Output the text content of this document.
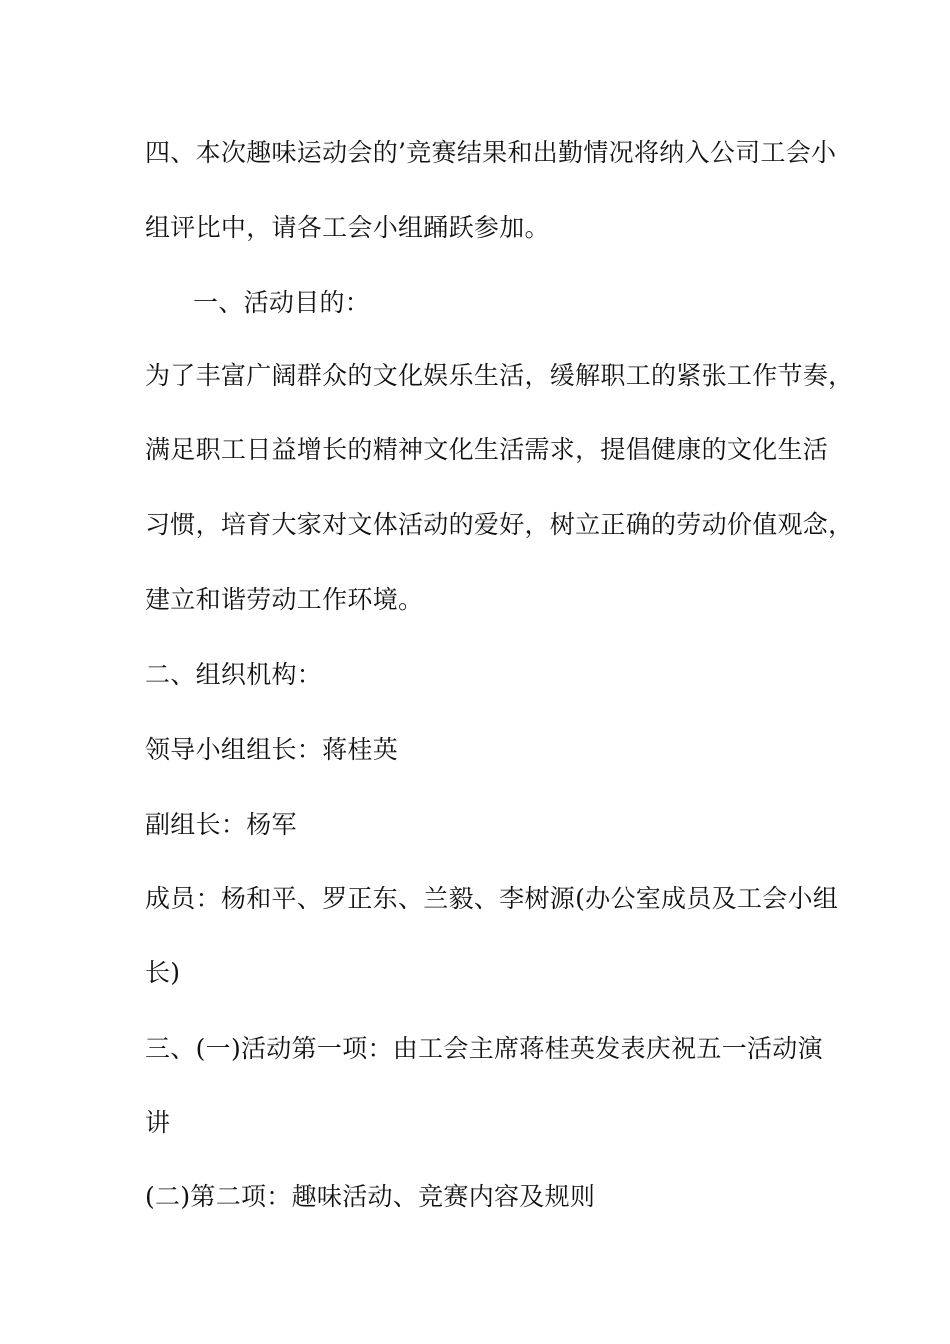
四、本次趣味运动会的’竞赛结果和出勤情况将纳入公司工会小
组评比中，请各工会小组踊跃参加。
一、活动目的：
为了丰富广阔群众的文化娱乐生活，缓解职工的紧张工作节奏，
满足职工日益增长的精神文化生活需求，提倡健康的文化生活
习惯，培育大家对文体活动的爱好，树立正确的劳动价值观念，
建立和谐劳动工作环境。
二、组织机构：
领导小组组长：蒋桂英
副组长：杨军
成员：杨和平、罗正东、兰毅、李树源(办公室成员及工会小组
长)
三、(一)活动第一项：由工会主席蒋桂英发表庆祝五一活动演
讲
(二)第二项：趣味活动、竞赛内容及规则
